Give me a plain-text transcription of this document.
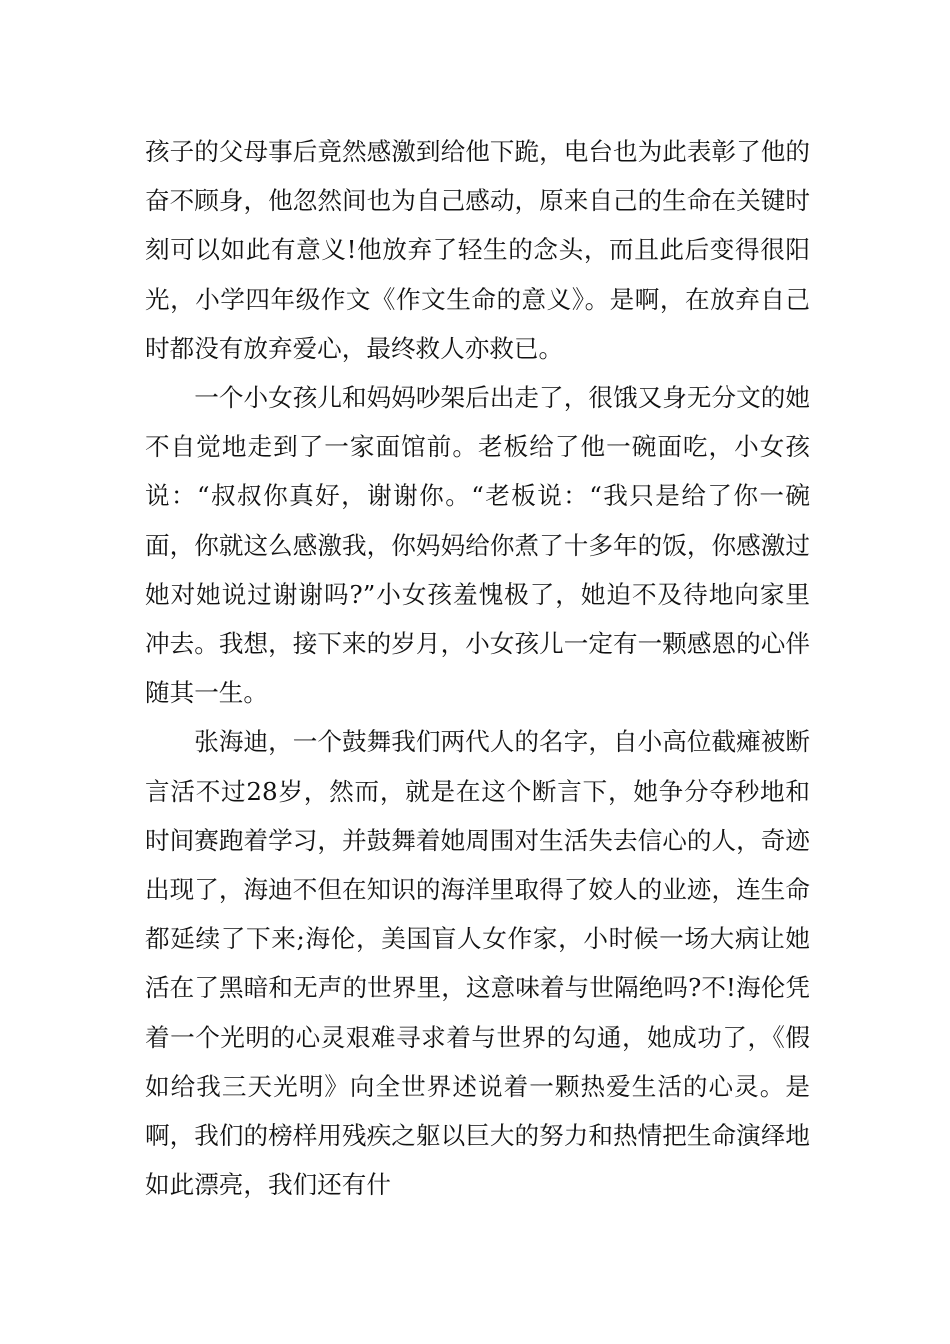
孩子的父母事后竟然感激到给他下跪，电台也为此表彰了他的奋不顾身，他忽然间也为自己感动，原来自己的生命在关键时刻可以如此有意义!他放弃了轻生的念头，而且此后变得很阳光，小学四年级作文《作文生命的意义》。是啊，在放弃自己时都没有放弃爱心，最终救人亦救已。

一个小女孩儿和妈妈吵架后出走了，很饿又身无分文的她不自觉地走到了一家面馆前。老板给了他一碗面吃，小女孩说：“叔叔你真好，谢谢你。“老板说：“我只是给了你一碗面，你就这么感激我，你妈妈给你煮了十多年的饭，你感激过她对她说过谢谢吗?”小女孩羞愧极了，她迫不及待地向家里冲去。我想，接下来的岁月，小女孩儿一定有一颗感恩的心伴随其一生。

张海迪，一个鼓舞我们两代人的名字，自小高位截瘫被断言活不过28岁，然而，就是在这个断言下，她争分夺秒地和时间赛跑着学习，并鼓舞着她周围对生活失去信心的人，奇迹出现了，海迪不但在知识的海洋里取得了姣人的业迹，连生命都延续了下来;海伦，美国盲人女作家，小时候一场大病让她活在了黑暗和无声的世界里，这意味着与世隔绝吗?不!海伦凭着一个光明的心灵艰难寻求着与世界的勾通，她成功了，《假如给我三天光明》向全世界述说着一颗热爱生活的心灵。是啊，我们的榜样用残疾之躯以巨大的努力和热情把生命演绎地如此漂亮，我们还有什
